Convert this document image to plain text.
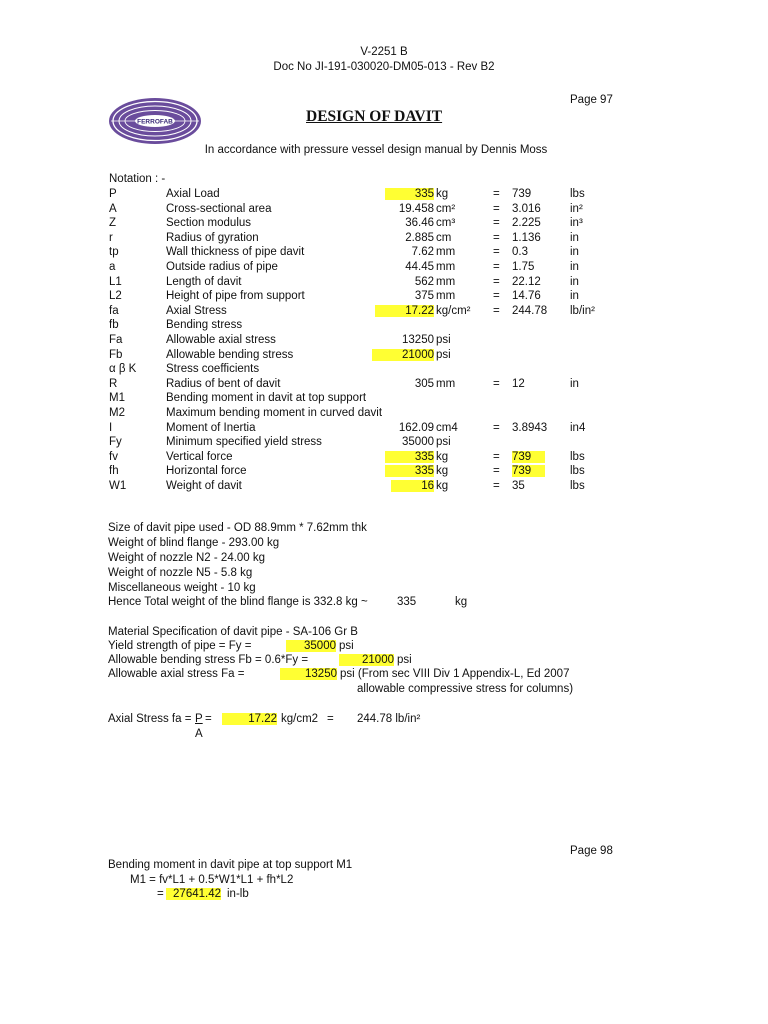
V-2251 B
Doc No JI-191-030020-DM05-013 - Rev B2
Page 97
FERROFAB	DESIGN OF DAVIT
In accordance with pressure vessel design manual by Dennis Moss
Notation : -
P	Axial Load	335 kg	= 739	lbs
A	Cross-sectional area	19.458 cm²	= 3.016	in²
Z	Section modulus	36.46 cm³	= 2.225	in³
r	Radius of gyration	2.885 cm	= 1.136	in
tp	Wall thickness of pipe davit	7.62 mm	= 0.3	in
a	Outside radius of pipe	44.45 mm	= 1.75	in
L1	Length of davit	562 mm	= 22.12	in
L2	Height of pipe from support	375 mm	= 14.76	in
fa	Axial Stress	17.22 kg/cm² = 244.78 lb/in²
fb	Bending stress
Fa	Allowable axial stress	13250 psi
Fb	Allowable bending stress	21000 psi
α β Κ	Stress coefficients
R	Radius of bent of davit	305 mm	= 12	in
M1	Bending moment in davit at top support
M2	Maximum bending moment in curved davit
I	Moment of Inertia	162.09 cm4	= 3.8943 in4
Fy	Minimum specified yield stress	35000 psi
fv	Vertical force	335 kg	= 739	lbs
fh	Horizontal force	335 kg	= 739	lbs
W1	Weight of davit	16 kg	= 35	lbs
Size of davit pipe used - OD 88.9mm * 7.62mm thk
Weight of blind flange - 293.00 kg
Weight of nozzle N2 - 24.00 kg
Weight of nozzle N5 - 5.8 kg
Miscellaneous weight - 10 kg
Hence Total weight of the blind flange is 332.8 kg ~	335	kg
Material Specification of davit pipe - SA-106 Gr B
Yield strength of pipe = Fy =	35000 psi
Allowable bending stress Fb = 0.6*Fy =	21000 psi
Allowable axial stress Fa =	13250 psi (From sec VIII Div 1 Appendix-L, Ed 2007
allowable compressive stress for columns)
Axial Stress fa = P =	17.22 kg/cm2 = 244.78 lb/in²
A
Page 98
Bending moment in davit pipe at top support M1
M1 = fv*L1 + 0.5*W1*L1 + fh*L2
= 27641.42 in-lb
